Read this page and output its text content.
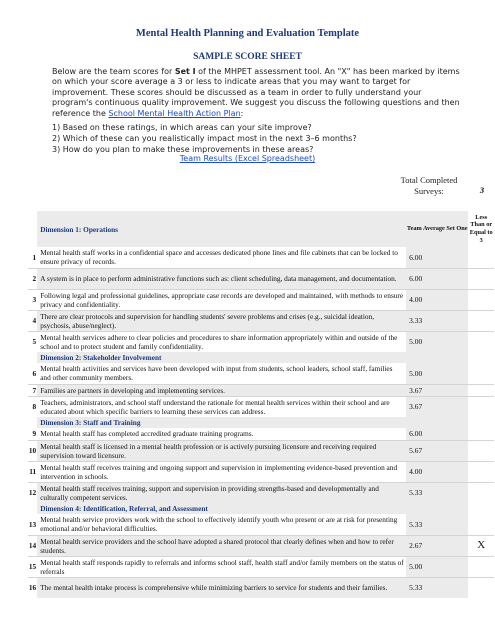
Mental Health Planning and Evaluation Template
SAMPLE SCORE SHEET
Below are the team scores for Set I of the MHPET assessment tool. An "X" has been marked by items on which your score average a 3 or less to indicate areas that you may want to target for improvement. These scores should be discussed as a team in order to fully understand your program's continuous quality improvement. We suggest you discuss the following questions and then reference the School Mental Health Action Plan:
1) Based on these ratings, in which areas can your site improve?
2) Which of these can you realistically impact most in the next 3–6 months?
3) How do you plan to make these improvements in these areas?
Team Results (Excel Spreadsheet)
Total Completed Surveys:	3
	Dimension 1: Operations	Team Average Set One	Less Than or Equal to 3
1	Mental health staff works in a confidential space and accesses dedicated phone lines and file cabinets that can be locked to ensure privacy of records.	6.00	
2	A system is in place to perform administrative functions such as: client scheduling, data management, and documentation.	6.00	
3	Following legal and professional guidelines, appropriate case records are developed and maintained, with methods to ensure privacy and confidentiality.	4.00	
4	There are clear protocols and supervision for handling students' severe problems and crises (e.g., suicidal ideation, psychosis, abuse/neglect).	3.33	
5	Mental health services adhere to clear policies and procedures to share information appropriately within and outside of the school and to protect student and family confidentiality.	5.00	
	Dimension 2: Stakeholder Involvement		
6	Mental health activities and services have been developed with input from students, school leaders, school staff, families and other community members.	5.00	
7	Families are partners in developing and implementing services.	3.67	
8	Teachers, administrators, and school staff understand the rationale for mental health services within their school and are educated about which specific barriers to learning these services can address.	3.67	
	Dimension 3: Staff and Training		
9	Mental health staff has completed accredited graduate training programs.	6.00	
10	Mental health staff is licensed in a mental health profession or is actively pursuing licensure and receiving required supervision toward licensure.	5.67	
11	Mental health staff receives training and ongoing support and supervision in implementing evidence-based prevention and intervention in schools.	4.00	
12	Mental health staff receives training, support and supervision in providing strengths-based and developmentally and culturally competent services.	5.33	
	Dimension 4: Identification, Referral, and Assessment		
13	Mental health service providers work with the school to effectively identify youth who present or are at risk for presenting emotional and/or behavioral difficulties.	5.33	
14	Mental health service providers and the school have adopted a shared protocol that clearly defines when and how to refer students.	2.67	X
15	Mental health staff responds rapidly to referrals and informs school staff, health staff and/or family members on the status of referrals	5.00	
16	The mental health intake process is comprehensive while minimizing barriers to service for students and their families.	5.33	
